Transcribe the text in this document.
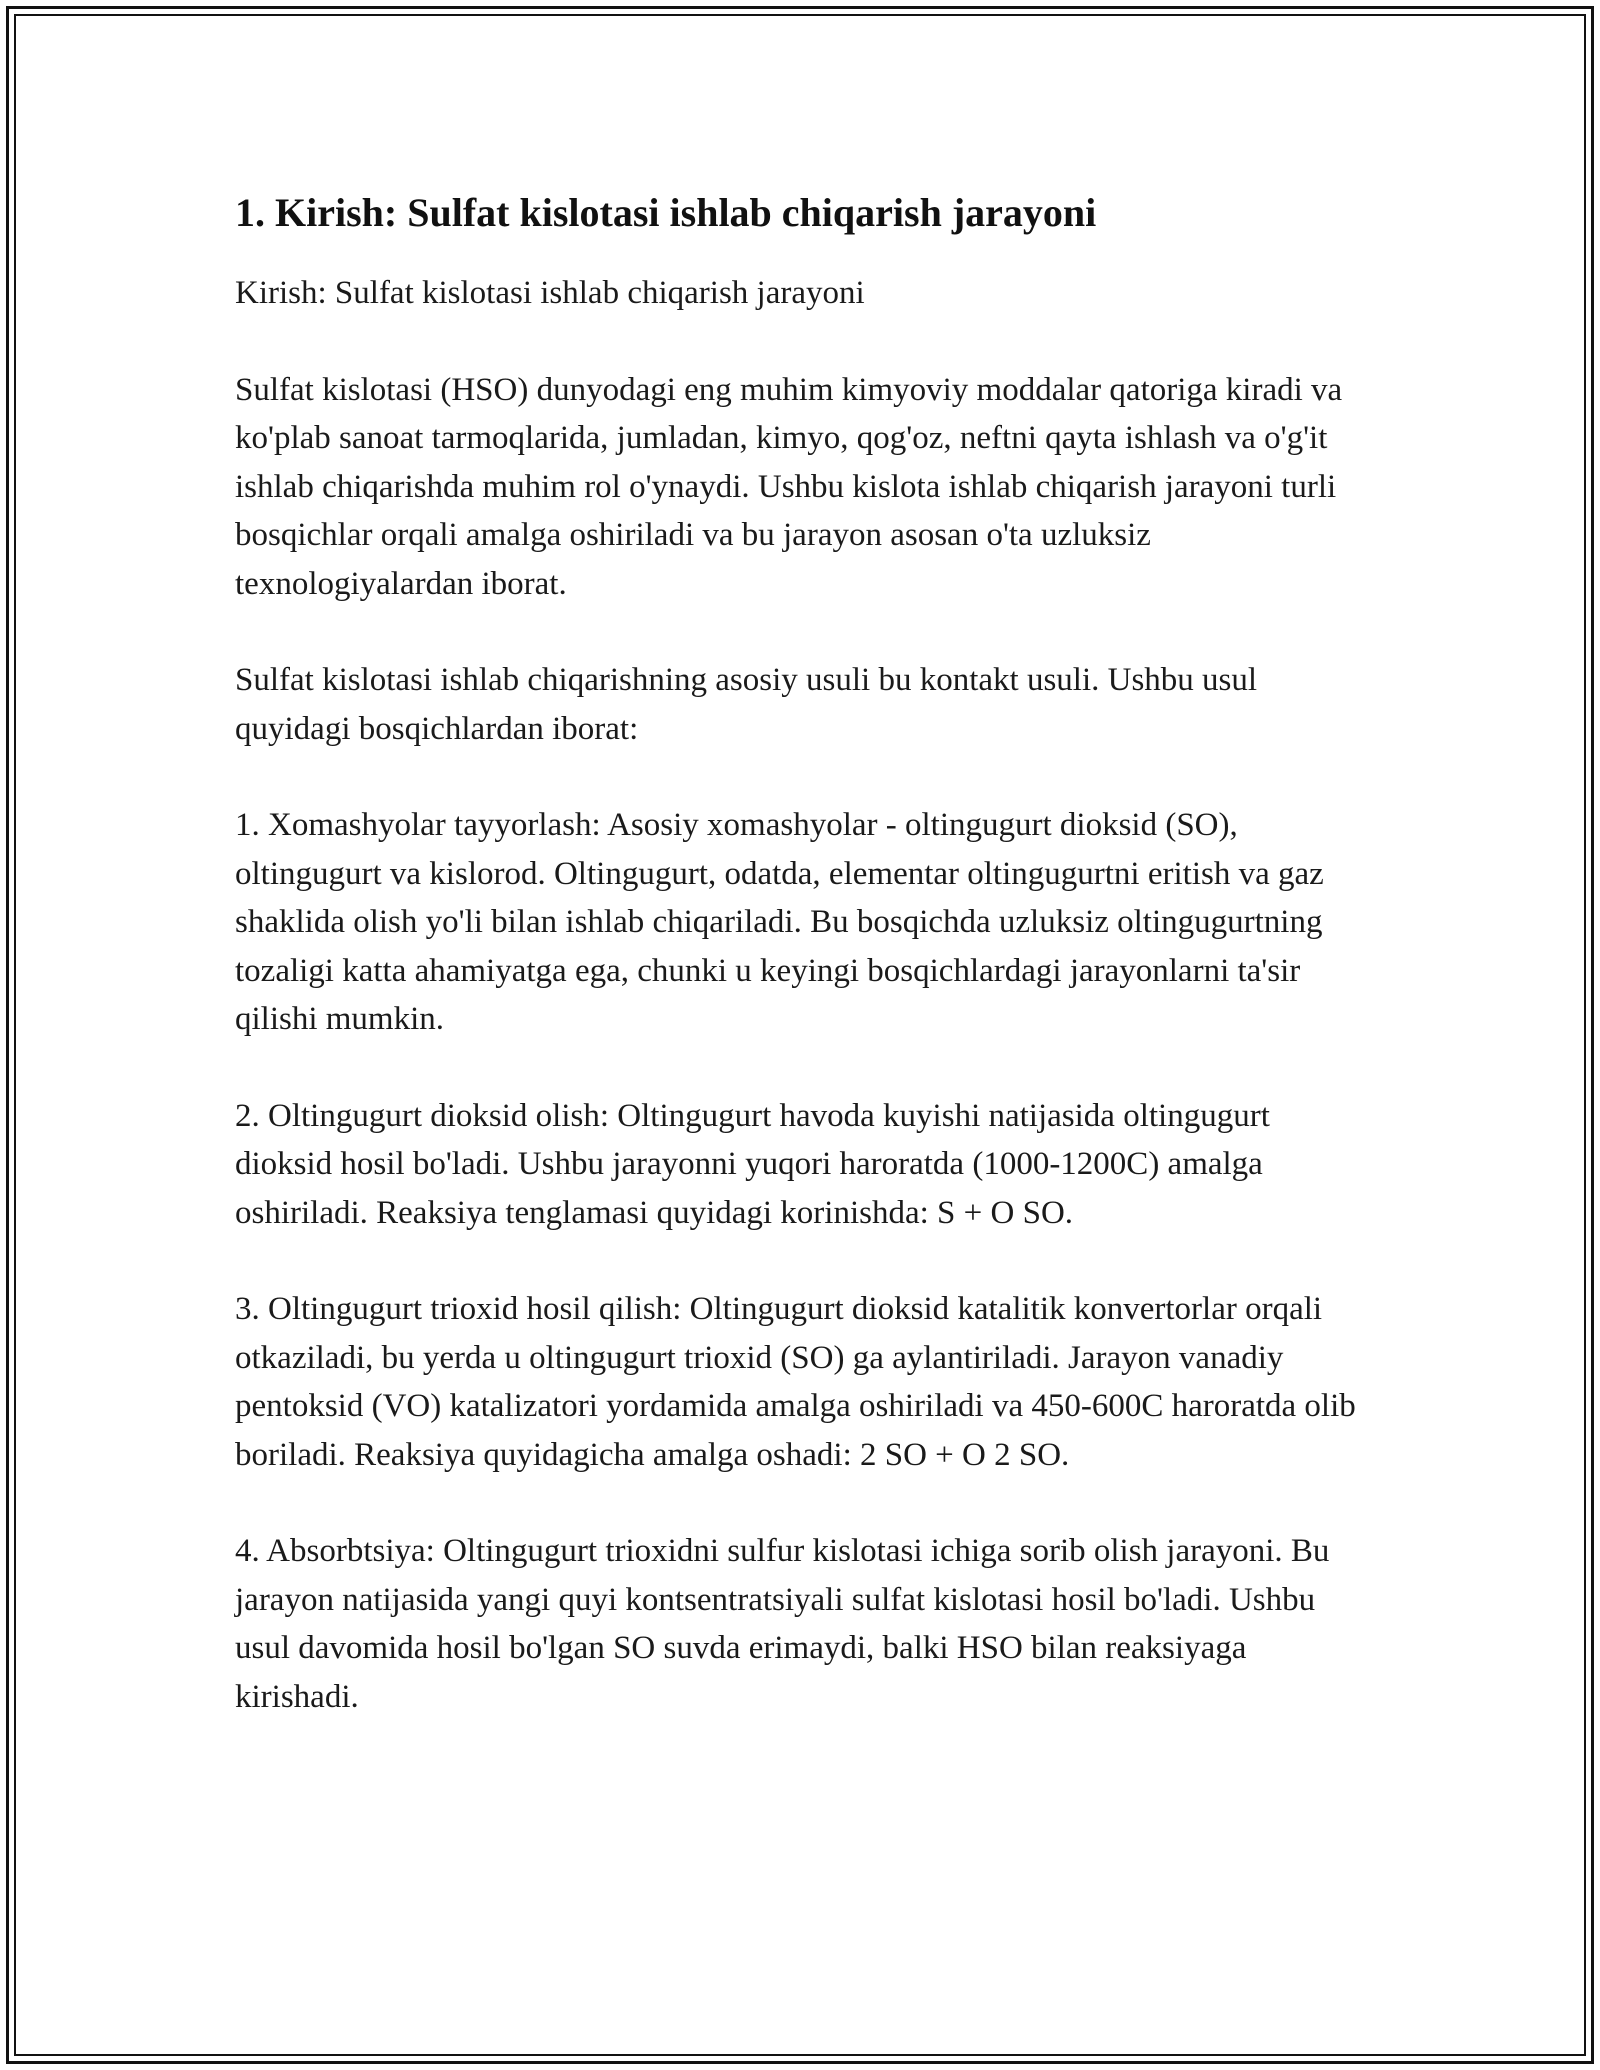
1. Kirish: Sulfat kislotasi ishlab chiqarish jarayoni

Kirish: Sulfat kislotasi ishlab chiqarish jarayoni

Sulfat kislotasi (HSO) dunyodagi eng muhim kimyoviy moddalar qatoriga kiradi va ko'plab sanoat tarmoqlarida, jumladan, kimyo, qog'oz, neftni qayta ishlash va o'g'it ishlab chiqarishda muhim rol o'ynaydi. Ushbu kislota ishlab chiqarish jarayoni turli bosqichlar orqali amalga oshiriladi va bu jarayon asosan o'ta uzluksiz texnologiyalardan iborat.

Sulfat kislotasi ishlab chiqarishning asosiy usuli bu kontakt usuli. Ushbu usul quyidagi bosqichlardan iborat:

1. Xomashyolar tayyorlash: Asosiy xomashyolar - oltingugurt dioksid (SO), oltingugurt va kislorod. Oltingugurt, odatda, elementar oltingugurtni eritish va gaz shaklida olish yo'li bilan ishlab chiqariladi. Bu bosqichda uzluksiz oltingugurtning tozaligi katta ahamiyatga ega, chunki u keyingi bosqichlardagi jarayonlarni ta'sir qilishi mumkin.

2. Oltingugurt dioksid olish: Oltingugurt havoda kuyishi natijasida oltingugurt dioksid hosil bo'ladi. Ushbu jarayonni yuqori haroratda (1000-1200C) amalga oshiriladi. Reaksiya tenglamasi quyidagi korinishda: S + O SO.

3. Oltingugurt trioxid hosil qilish: Oltingugurt dioksid katalitik konvertorlar orqali otkaziladi, bu yerda u oltingugurt trioxid (SO) ga aylantiriladi. Jarayon vanadiy pentoksid (VO) katalizatori yordamida amalga oshiriladi va 450-600C haroratda olib boriladi. Reaksiya quyidagicha amalga oshadi: 2 SO + O 2 SO.

4. Absorbtsiya: Oltingugurt trioxidni sulfur kislotasi ichiga sorib olish jarayoni. Bu jarayon natijasida yangi quyi kontsentratsiyali sulfat kislotasi hosil bo'ladi. Ushbu usul davomida hosil bo'lgan SO suvda erimaydi, balki HSO bilan reaksiyaga kirishadi.
